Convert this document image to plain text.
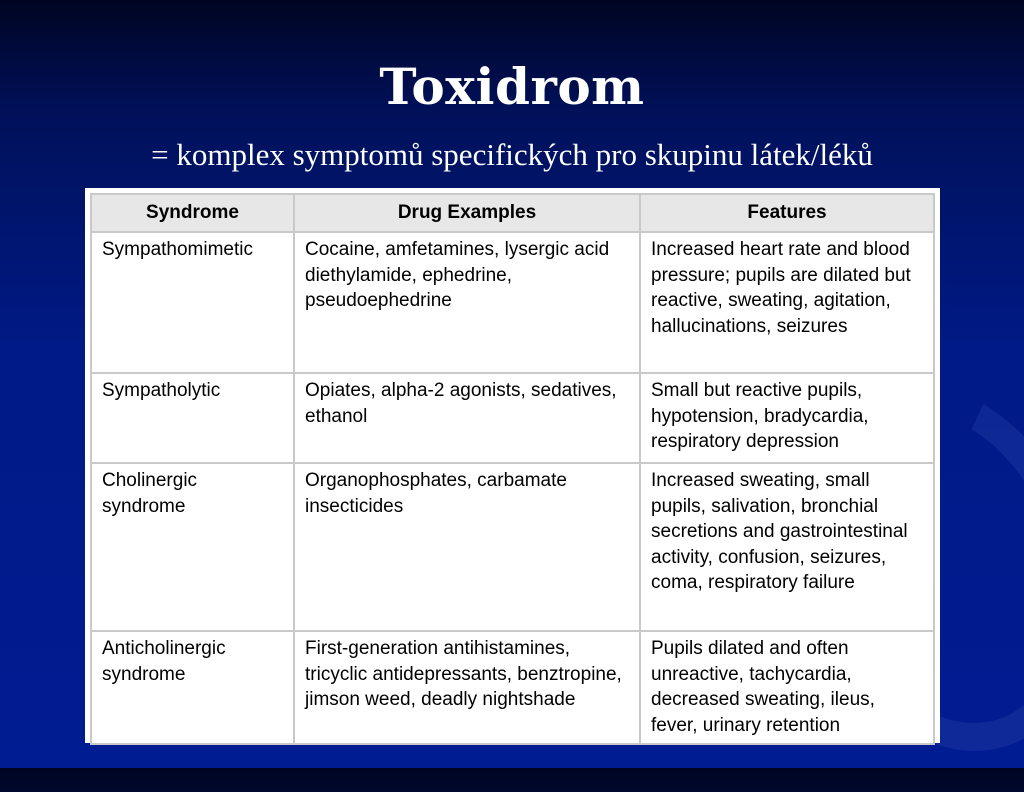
Toxidrom
= komplex symptomů specifických pro skupinu látek/léků
Syndrome	Drug Examples	Features
Sympathomimetic	Cocaine, amfetamines, lysergic acid diethylamide, ephedrine, pseudoephedrine	Increased heart rate and blood pressure; pupils are dilated but reactive, sweating, agitation, hallucinations, seizures
Sympatholytic	Opiates, alpha-2 agonists, sedatives, ethanol	Small but reactive pupils, hypotension, bradycardia, respiratory depression
Cholinergic syndrome	Organophosphates, carbamate insecticides	Increased sweating, small pupils, salivation, bronchial secretions and gastrointestinal activity, confusion, seizures, coma, respiratory failure
Anticholinergic syndrome	First-generation antihistamines, tricyclic antidepressants, benztropine, jimson weed, deadly nightshade	Pupils dilated and often unreactive, tachycardia, decreased sweating, ileus, fever, urinary retention
